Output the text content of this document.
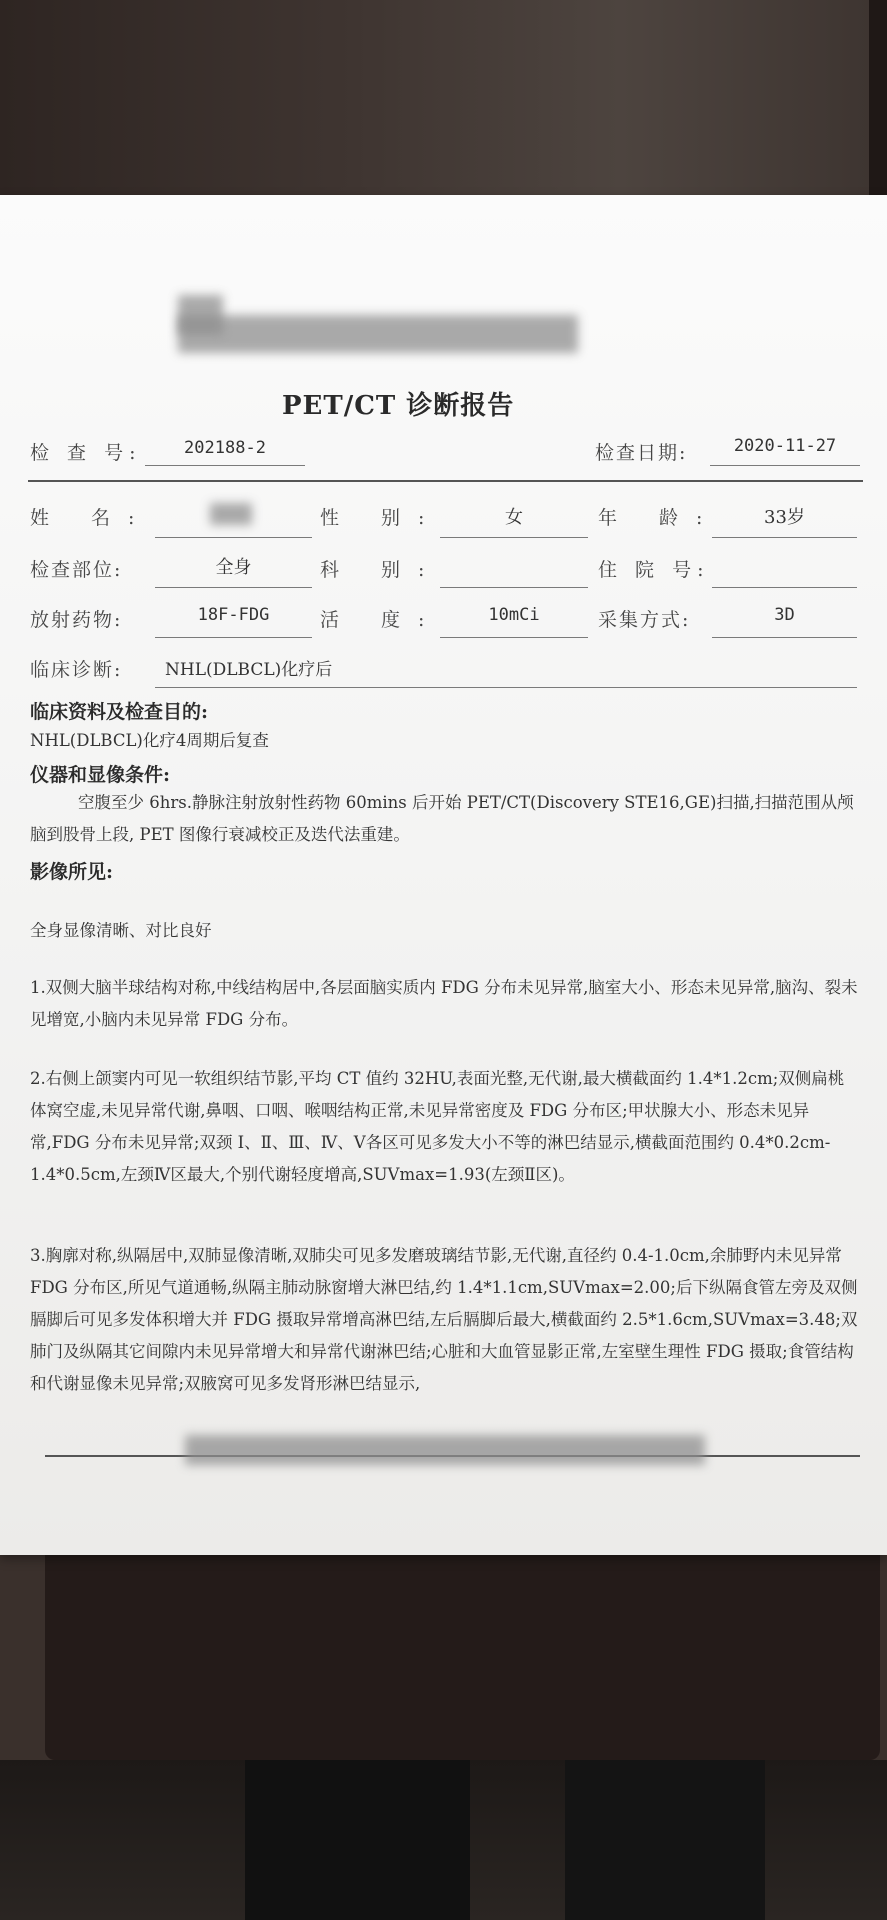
PET/CT 诊断报告
检 查 号:	202188-2	检查日期:	2020-11-27
姓 名:	性 别:	女	年 龄:	33岁
检查部位:	全身	科 别:	住 院 号:
放射药物:	18F-FDG	活 度:	10mCi	采集方式:	3D
临床诊断:	NHL(DLBCL)化疗后
临床资料及检查目的:
NHL(DLBCL)化疗4周期后复查
仪器和显像条件:
空腹至少 6hrs.静脉注射放射性药物 60mins 后开始 PET/CT(Discovery STE16,GE)扫描,扫描范围从颅脑到股骨上段, PET 图像行衰减校正及迭代法重建。
影像所见:
全身显像清晰、对比良好
1.双侧大脑半球结构对称,中线结构居中,各层面脑实质内 FDG 分布未见异常,脑室大小、形态未见异常,脑沟、裂未见增宽,小脑内未见异常 FDG 分布。
2.右侧上颌窦内可见一软组织结节影,平均 CT 值约 32HU,表面光整,无代谢,最大横截面约 1.4*1.2cm;双侧扁桃体窝空虚,未见异常代谢,鼻咽、口咽、喉咽结构正常,未见异常密度及 FDG 分布区;甲状腺大小、形态未见异常,FDG 分布未见异常;双颈 Ⅰ、Ⅱ、Ⅲ、Ⅳ、Ⅴ各区可见多发大小不等的淋巴结显示,横截面范围约 0.4*0.2cm-1.4*0.5cm,左颈Ⅳ区最大,个别代谢轻度增高,SUVmax=1.93(左颈Ⅱ区)。
3.胸廓对称,纵隔居中,双肺显像清晰,双肺尖可见多发磨玻璃结节影,无代谢,直径约 0.4-1.0cm,余肺野内未见异常 FDG 分布区,所见气道通畅,纵隔主肺动脉窗增大淋巴结,约 1.4*1.1cm,SUVmax=2.00;后下纵隔食管左旁及双侧膈脚后可见多发体积增大并 FDG 摄取异常增高淋巴结,左后膈脚后最大,横截面约 2.5*1.6cm,SUVmax=3.48;双肺门及纵隔其它间隙内未见异常增大和异常代谢淋巴结;心脏和大血管显影正常,左室壁生理性 FDG 摄取;食管结构和代谢显像未见异常;双腋窝可见多发肾形淋巴结显示,
